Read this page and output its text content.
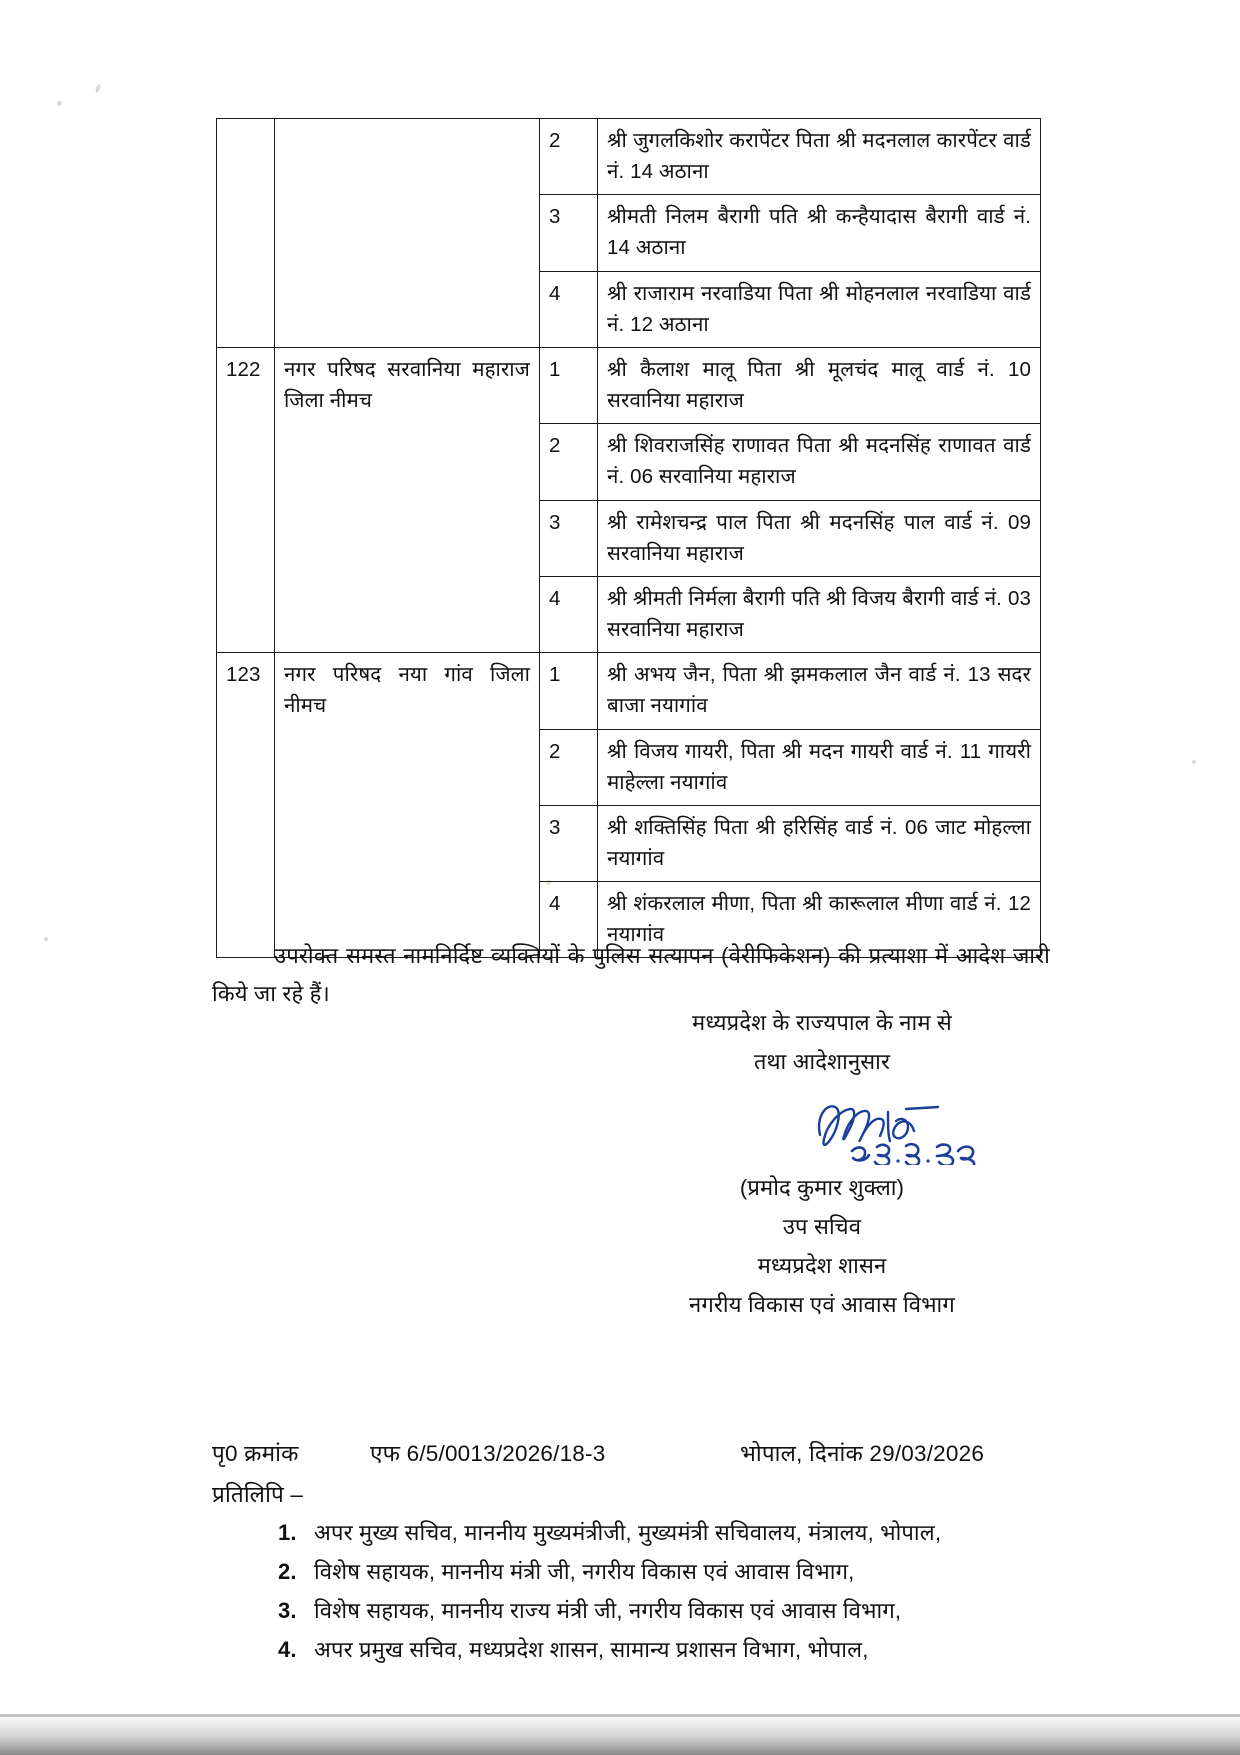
		2	श्री जुगलकिशोर करापेंटर पिता श्री मदनलाल कारपेंटर वार्ड नं. 14 अठाना
		3	श्रीमती निलम बैरागी पति श्री कन्हैयादास बैरागी वार्ड नं. 14 अठाना
		4	श्री राजाराम नरवाडिया पिता श्री मोहनलाल नरवाडिया वार्ड नं. 12 अठाना
122	नगर परिषद सरवानिया महाराज जिला नीमच	1	श्री कैलाश मालू पिता श्री मूलचंद मालू वार्ड नं. 10 सरवानिया महाराज
		2	श्री शिवराजसिंह राणावत पिता श्री मदनसिंह राणावत वार्ड नं. 06 सरवानिया महाराज
		3	श्री रामेशचन्द्र पाल पिता श्री मदनसिंह पाल वार्ड नं. 09 सरवानिया महाराज
		4	श्री श्रीमती निर्मला बैरागी पति श्री विजय बैरागी वार्ड नं. 03 सरवानिया महाराज
123	नगर परिषद नया गांव जिला नीमच	1	श्री अभय जैन, पिता श्री झमकलाल जैन वार्ड नं. 13 सदर बाजा नयागांव
		2	श्री विजय गायरी, पिता श्री मदन गायरी वार्ड नं. 11 गायरी माहेल्ला नयागांव
		3	श्री शक्तिसिंह पिता श्री हरिसिंह वार्ड नं. 06 जाट मोहल्ला नयागांव
		4	श्री शंकरलाल मीणा, पिता श्री कारूलाल मीणा वार्ड नं. 12 नयागांव
उपरोक्त समस्त नामनिर्दिष्ट व्यक्तियों के पुलिस सत्यापन (वेरीफिकेशन) की प्रत्याशा में आदेश जारी किये जा रहे हैं।
मध्यप्रदेश के राज्यपाल के नाम से
तथा आदेशानुसार
(प्रमोद कुमार शुक्ला)
उप सचिव
मध्यप्रदेश शासन
नगरीय विकास एवं आवास विभाग
पृ0 क्रमांक	एफ 6/5/0013/2026/18-3	भोपाल, दिनांक 29/03/2026
प्रतिलिपि –
1. अपर मुख्य सचिव, माननीय मुख्यमंत्रीजी, मुख्यमंत्री सचिवालय, मंत्रालय, भोपाल,
2. विशेष सहायक, माननीय मंत्री जी, नगरीय विकास एवं आवास विभाग,
3. विशेष सहायक, माननीय राज्य मंत्री जी, नगरीय विकास एवं आवास विभाग,
4. अपर प्रमुख सचिव, मध्यप्रदेश शासन, सामान्य प्रशासन विभाग, भोपाल,
